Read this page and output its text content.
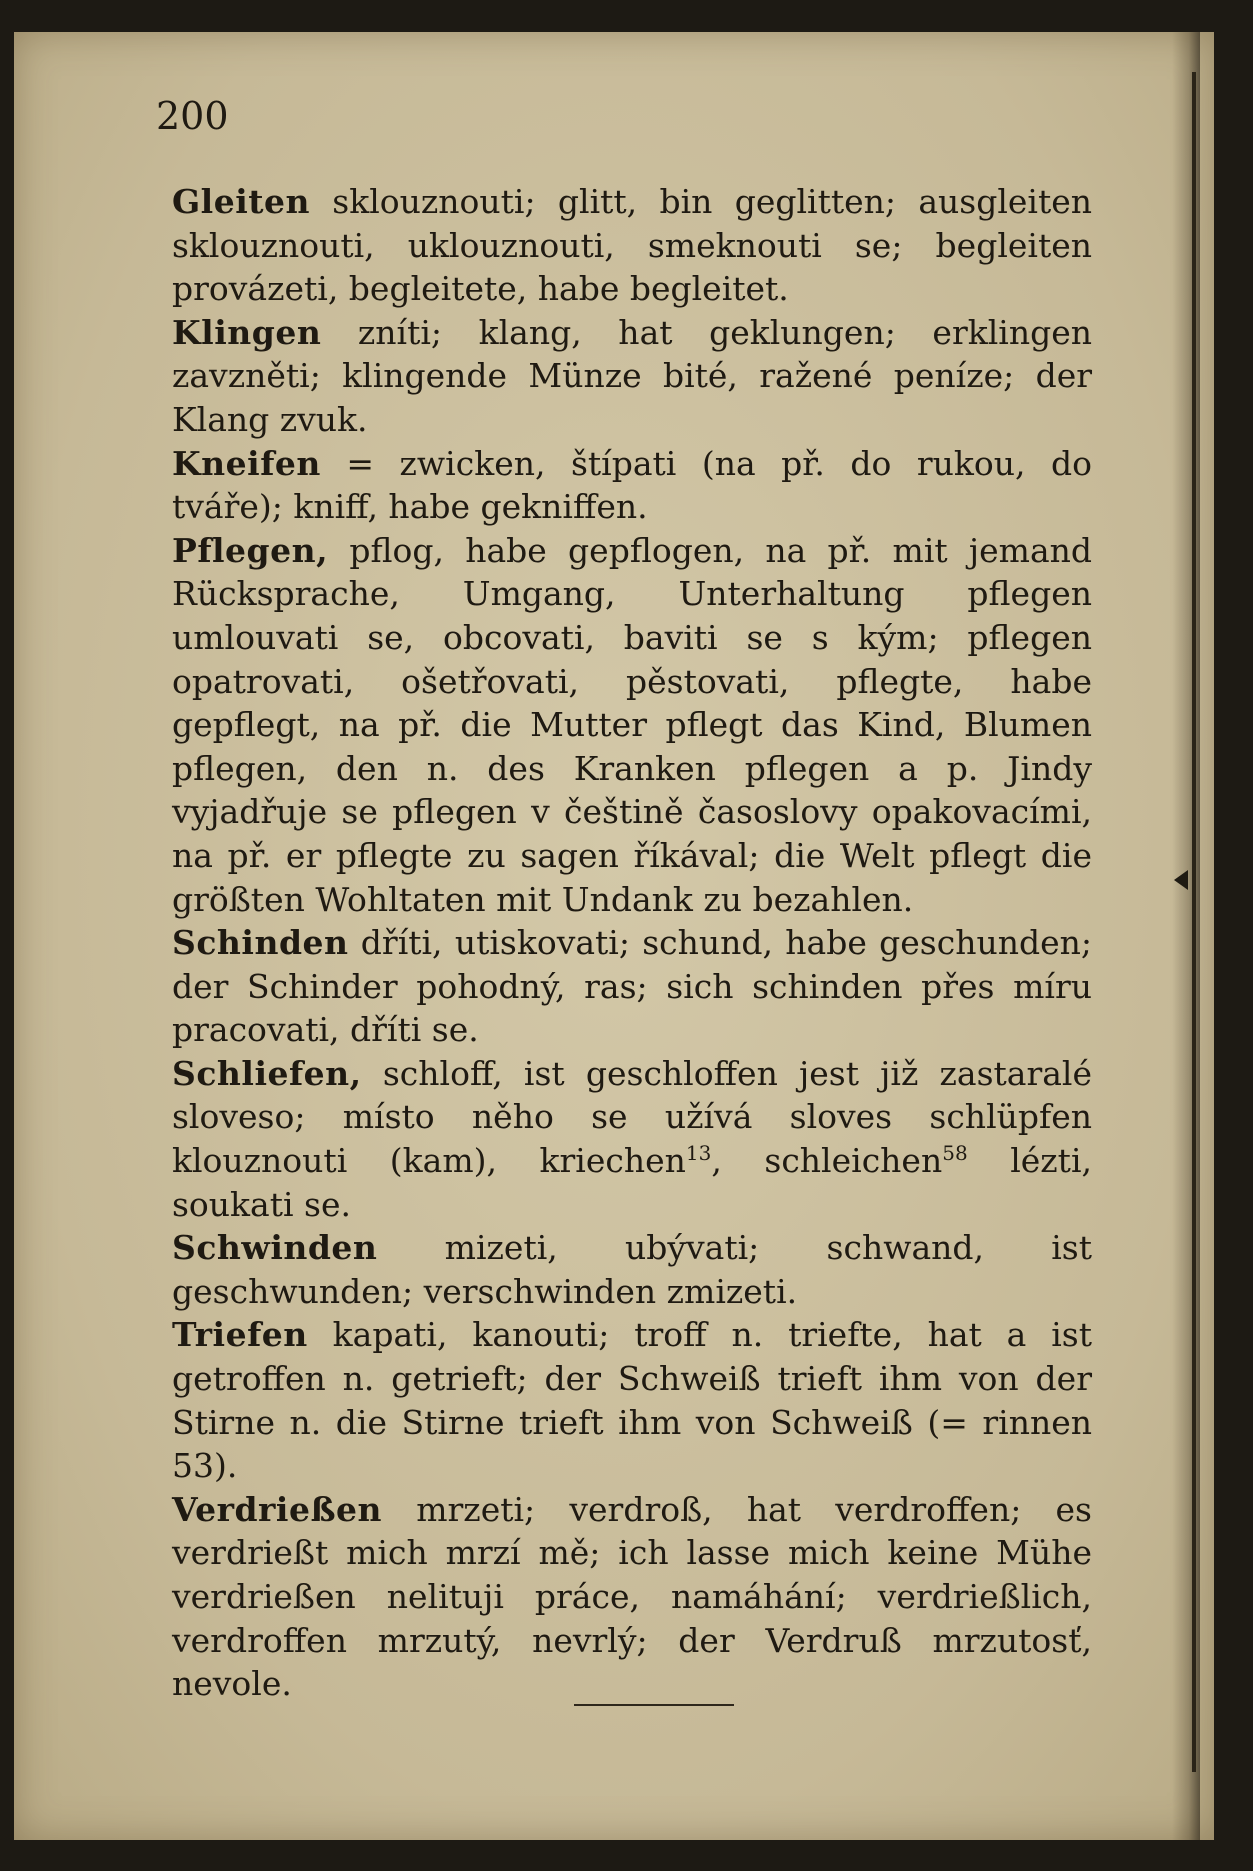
200

Gleiten sklouznouti; glitt, bin geglitten; ausgleiten sklouznouti, uklouznouti, smeknouti se; begleiten provázeti, begleitete, habe begleitet.

Klingen zníti; klang, hat geklungen; erklingen zavzněti; klingende Münze bité, ražené peníze; der Klang zvuk.

Kneifen = zwicken, štípati (na př. do rukou, do tváře); kniff, habe gekniffen.

Pflegen, pflog, habe gepflogen, na př. mit jemand Rücksprache, Umgang, Unterhaltung pflegen umlouvati se, obcovati, baviti se s kým; pflegen opatrovati, ošetřovati, pěstovati, pflegte, habe gepflegt, na př. die Mutter pflegt das Kind, Blumen pflegen, den n. des Kranken pflegen a p. Jindy vyjadřuje se pflegen v češtině časoslovy opakovacími, na př. er pflegte zu sagen říkával; die Welt pflegt die größten Wohltaten mit Undank zu bezahlen.

Schinden dříti, utiskovati; schund, habe geschunden; der Schinder pohodný, ras; sich schinden přes míru pracovati, dříti se.

Schliefen, schloff, ist geschloffen jest již zastaralé sloveso; místo něho se užívá sloves schlüpfen klouznouti (kam), kriechen$^{13}$, schleichen$^{58}$ lézti, soukati se.

Schwinden mizeti, ubývati; schwand, ist geschwunden; verschwinden zmizeti.

Triefen kapati, kanouti; troff n. triefte, hat a ist getroffen n. getrieft; der Schweiß trieft ihm von der Stirne n. die Stirne trieft ihm von Schweiß (= rinnen 53).

Verdrießen mrzeti; verdroß, hat verdroffen; es verdrießt mich mrzí mě; ich lasse mich keine Mühe verdrießen nelituji práce, namáhání; verdrießlich, verdroffen mrzutý, nevrlý; der Verdruß mrzutosť, nevole.
